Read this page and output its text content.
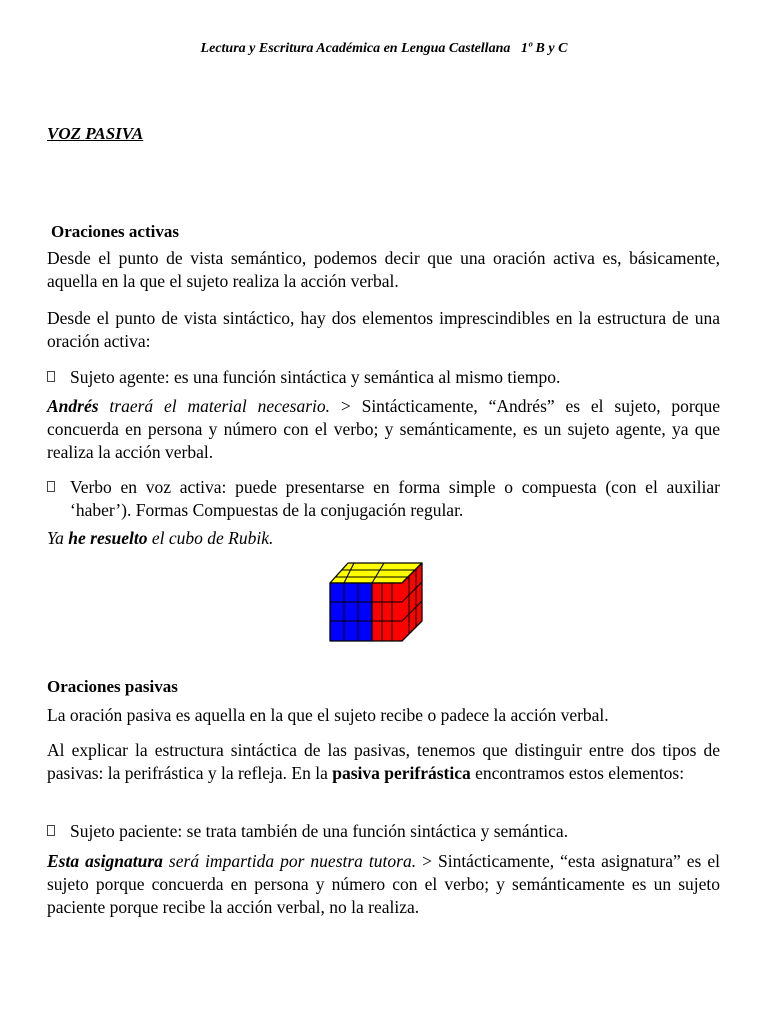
Lectura y Escritura Académica en Lengua Castellana   1º B y C

VOZ PASIVA

Oraciones activas

Desde el punto de vista semántico, podemos decir que una oración activa es, básicamente, aquella en la que el sujeto realiza la acción verbal.

Desde el punto de vista sintáctico, hay dos elementos imprescindibles en la estructura de una oración activa:

Sujeto agente: es una función sintáctica y semántica al mismo tiempo.

Andrés traerá el material necesario. > Sintácticamente, “Andrés” es el sujeto, porque concuerda en persona y número con el verbo; y semánticamente, es un sujeto agente, ya que realiza la acción verbal.

Verbo en voz activa: puede presentarse en forma simple o compuesta (con el auxiliar ‘haber’). Formas Compuestas de la conjugación regular.

Ya he resuelto el cubo de Rubik.

Oraciones pasivas

La oración pasiva es aquella en la que el sujeto recibe o padece la acción verbal.

Al explicar la estructura sintáctica de las pasivas, tenemos que distinguir entre dos tipos de pasivas: la perifrástica y la refleja. En la pasiva perifrástica encontramos estos elementos:

Sujeto paciente: se trata también de una función sintáctica y semántica.

Esta asignatura será impartida por nuestra tutora. > Sintácticamente, “esta asignatura” es el sujeto porque concuerda en persona y número con el verbo; y semánticamente es un sujeto paciente porque recibe la acción verbal, no la realiza.
